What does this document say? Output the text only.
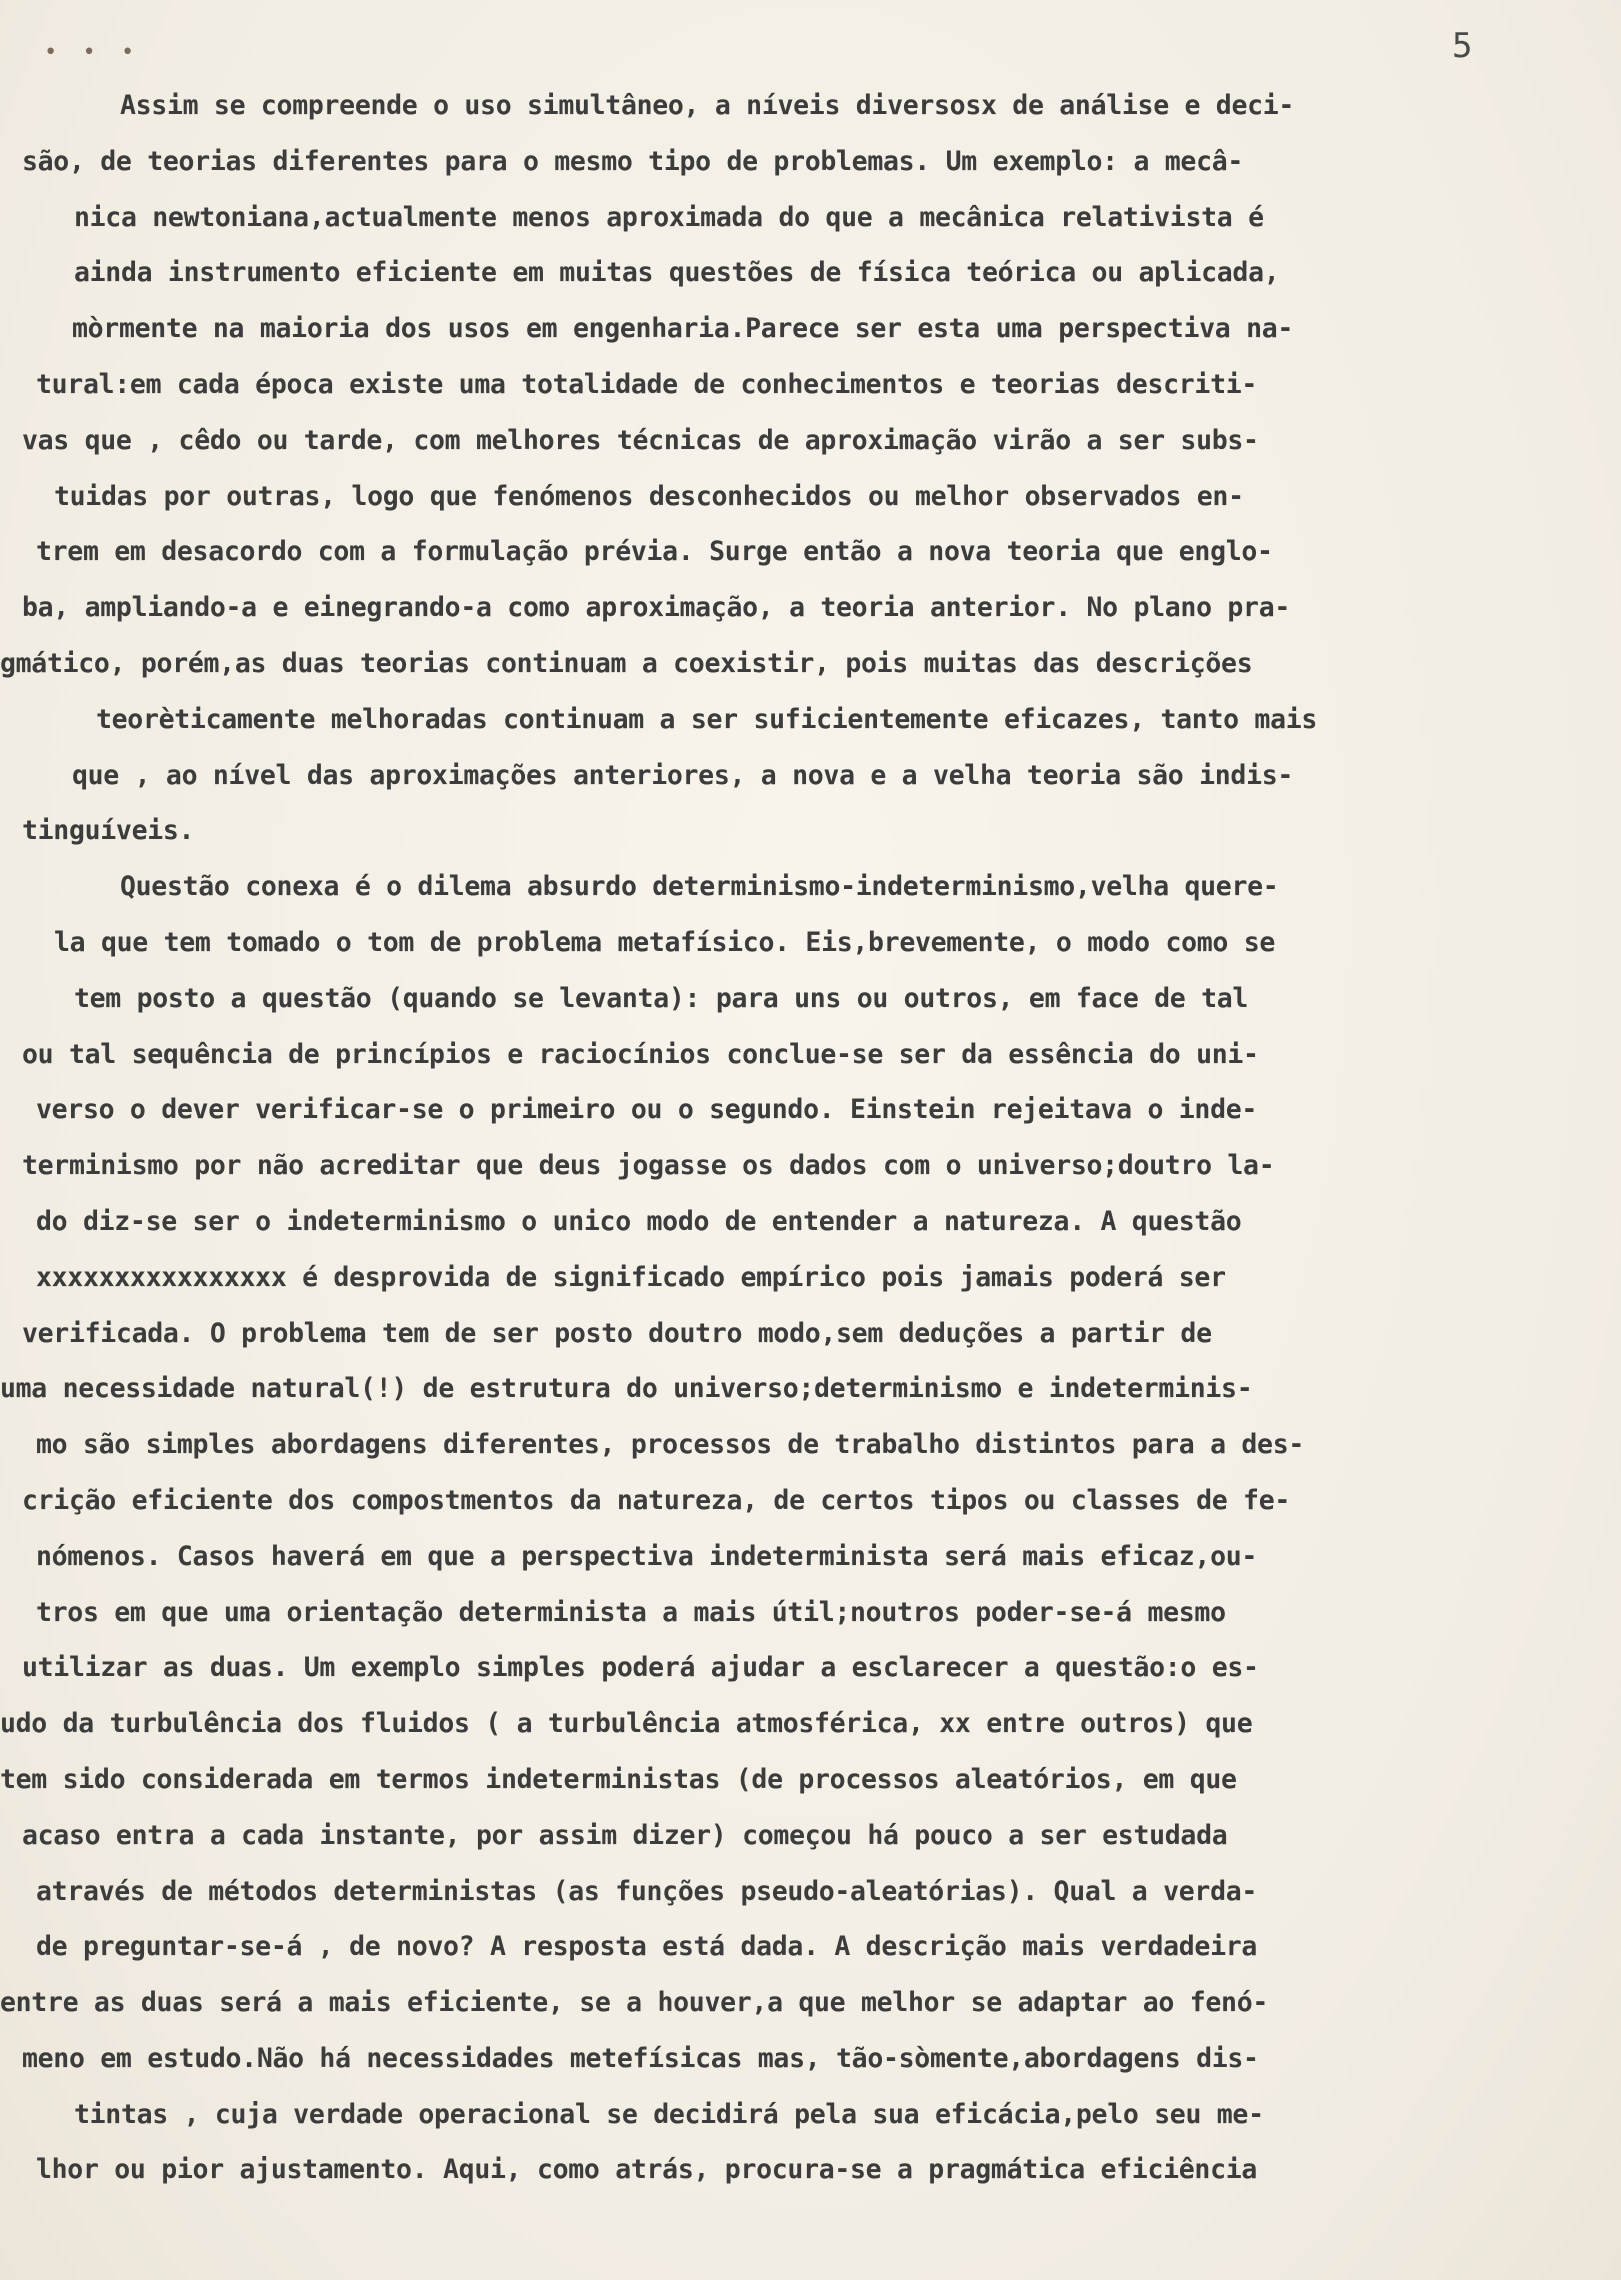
• • •	5
Assim se compreende o uso simultâneo, a níveis diversosx de análise e deci-
são, de teorias diferentes para o mesmo tipo de problemas. Um exemplo: a mecâ-
nica newtoniana,actualmente menos aproximada do que a mecânica relativista é
ainda instrumento eficiente em muitas questões de física teórica ou aplicada,
mòrmente na maioria dos usos em engenharia.Parece ser esta uma perspectiva na-
tural:em cada época existe uma totalidade de conhecimentos e teorias descriti-
vas que , cêdo ou tarde, com melhores técnicas de aproximação virão a ser subs-
tuidas por outras, logo que fenómenos desconhecidos ou melhor observados en-
trem em desacordo com a formulação prévia. Surge então a nova teoria que englo-
ba, ampliando-a e einegrando-a como aproximação, a teoria anterior. No plano pra-
gmático, porém,as duas teorias continuam a coexistir, pois muitas das descrições
teorèticamente melhoradas continuam a ser suficientemente eficazes, tanto mais
que , ao nível das aproximações anteriores, a nova e a velha teoria são indis-
tinguíveis.
Questão conexa é o dilema absurdo determinismo-indeterminismo,velha quere-
la que tem tomado o tom de problema metafísico. Eis,brevemente, o modo como se
tem posto a questão (quando se levanta): para uns ou outros, em face de tal
ou tal sequência de princípios e raciocínios conclue-se ser da essência do uni-
verso o dever verificar-se o primeiro ou o segundo. Einstein rejeitava o inde-
terminismo por não acreditar que deus jogasse os dados com o universo;doutro la-
do diz-se ser o indeterminismo o unico modo de entender a natureza. A questão
xxxxxxxxxxxxxxxx é desprovida de significado empírico pois jamais poderá ser
verificada. O problema tem de ser posto doutro modo,sem deduções a partir de
uma necessidade natural(!) de estrutura do universo;determinismo e indeterminis-
mo são simples abordagens diferentes, processos de trabalho distintos para a des-
crição eficiente dos compostmentos da natureza, de certos tipos ou classes de fe-
nómenos. Casos haverá em que a perspectiva indeterminista será mais eficaz,ou-
tros em que uma orientação determinista a mais útil;noutros poder-se-á mesmo
utilizar as duas. Um exemplo simples poderá ajudar a esclarecer a questão:o es-
udo da turbulência dos fluidos ( a turbulência atmosférica, xx entre outros) que
tem sido considerada em termos indeterministas (de processos aleatórios, em que
acaso entra a cada instante, por assim dizer) começou há pouco a ser estudada
através de métodos deterministas (as funções pseudo-aleatórias). Qual a verda-
de preguntar-se-á , de novo? A resposta está dada. A descrição mais verdadeira
entre as duas será a mais eficiente, se a houver,a que melhor se adaptar ao fenó-
meno em estudo.Não há necessidades metefísicas mas, tão-sòmente,abordagens dis-
tintas , cuja verdade operacional se decidirá pela sua eficácia,pelo seu me-
lhor ou pior ajustamento. Aqui, como atrás, procura-se a pragmática eficiência
